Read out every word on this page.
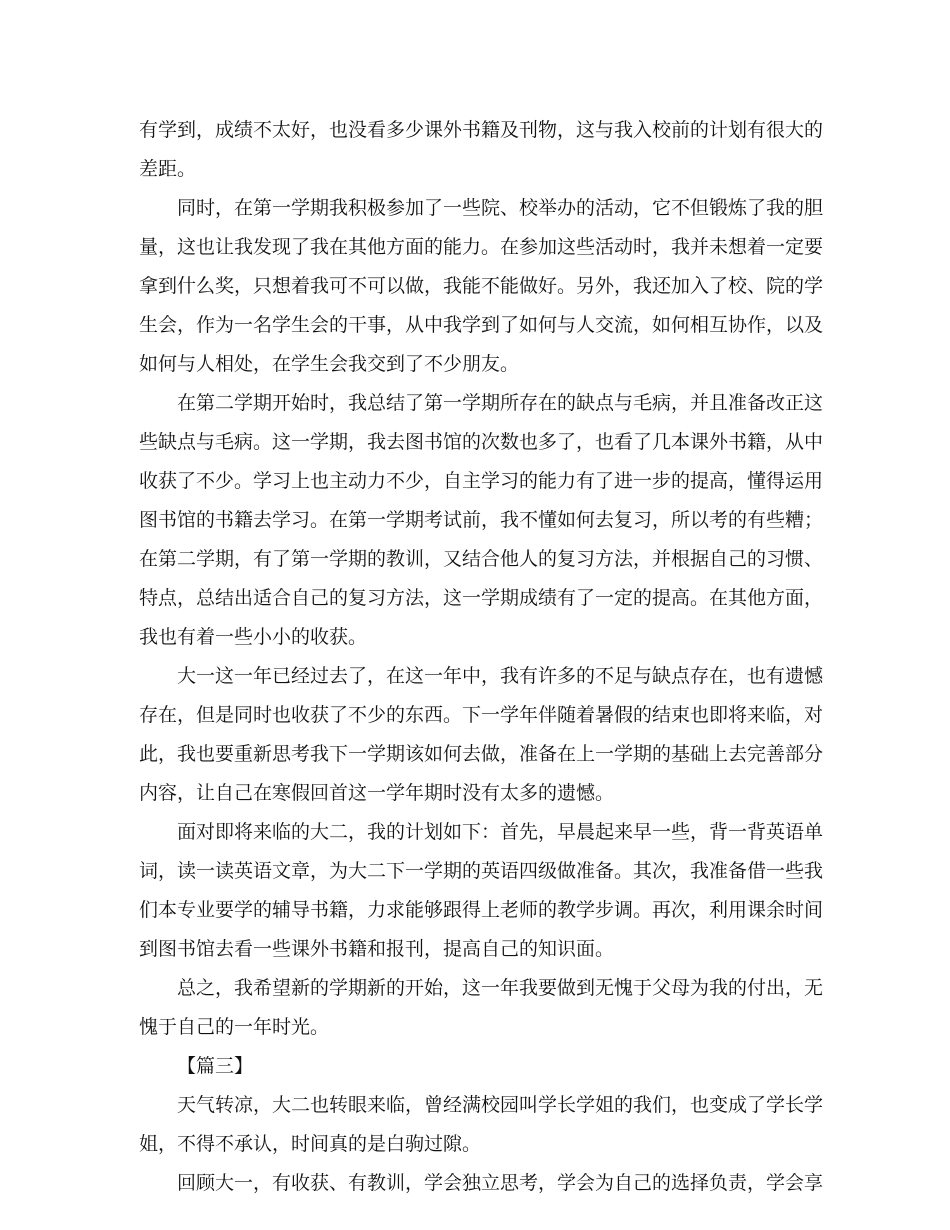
有学到，成绩不太好，也没看多少课外书籍及刊物，这与我入校前的计划有很大的
差距。
同时，在第一学期我积极参加了一些院、校举办的活动，它不但锻炼了我的胆
量，这也让我发现了我在其他方面的能力。在参加这些活动时，我并未想着一定要
拿到什么奖，只想着我可不可以做，我能不能做好。另外，我还加入了校、院的学
生会，作为一名学生会的干事，从中我学到了如何与人交流，如何相互协作，以及
如何与人相处，在学生会我交到了不少朋友。
在第二学期开始时，我总结了第一学期所存在的缺点与毛病，并且准备改正这
些缺点与毛病。这一学期，我去图书馆的次数也多了，也看了几本课外书籍，从中
收获了不少。学习上也主动力不少，自主学习的能力有了进一步的提高，懂得运用
图书馆的书籍去学习。在第一学期考试前，我不懂如何去复习，所以考的有些糟；
在第二学期，有了第一学期的教训，又结合他人的复习方法，并根据自己的习惯、
特点，总结出适合自己的复习方法，这一学期成绩有了一定的提高。在其他方面，
我也有着一些小小的收获。
大一这一年已经过去了，在这一年中，我有许多的不足与缺点存在，也有遗憾
存在，但是同时也收获了不少的东西。下一学年伴随着暑假的结束也即将来临，对
此，我也要重新思考我下一学期该如何去做，准备在上一学期的基础上去完善部分
内容，让自己在寒假回首这一学年期时没有太多的遗憾。
面对即将来临的大二，我的计划如下：首先，早晨起来早一些，背一背英语单
词，读一读英语文章，为大二下一学期的英语四级做准备。其次，我准备借一些我
们本专业要学的辅导书籍，力求能够跟得上老师的教学步调。再次，利用课余时间
到图书馆去看一些课外书籍和报刊，提高自己的知识面。
总之，我希望新的学期新的开始，这一年我要做到无愧于父母为我的付出，无
愧于自己的一年时光。
【篇三】
天气转凉，大二也转眼来临，曾经满校园叫学长学姐的我们，也变成了学长学
姐，不得不承认，时间真的是白驹过隙。
回顾大一，有收获、有教训，学会独立思考，学会为自己的选择负责，学会享
